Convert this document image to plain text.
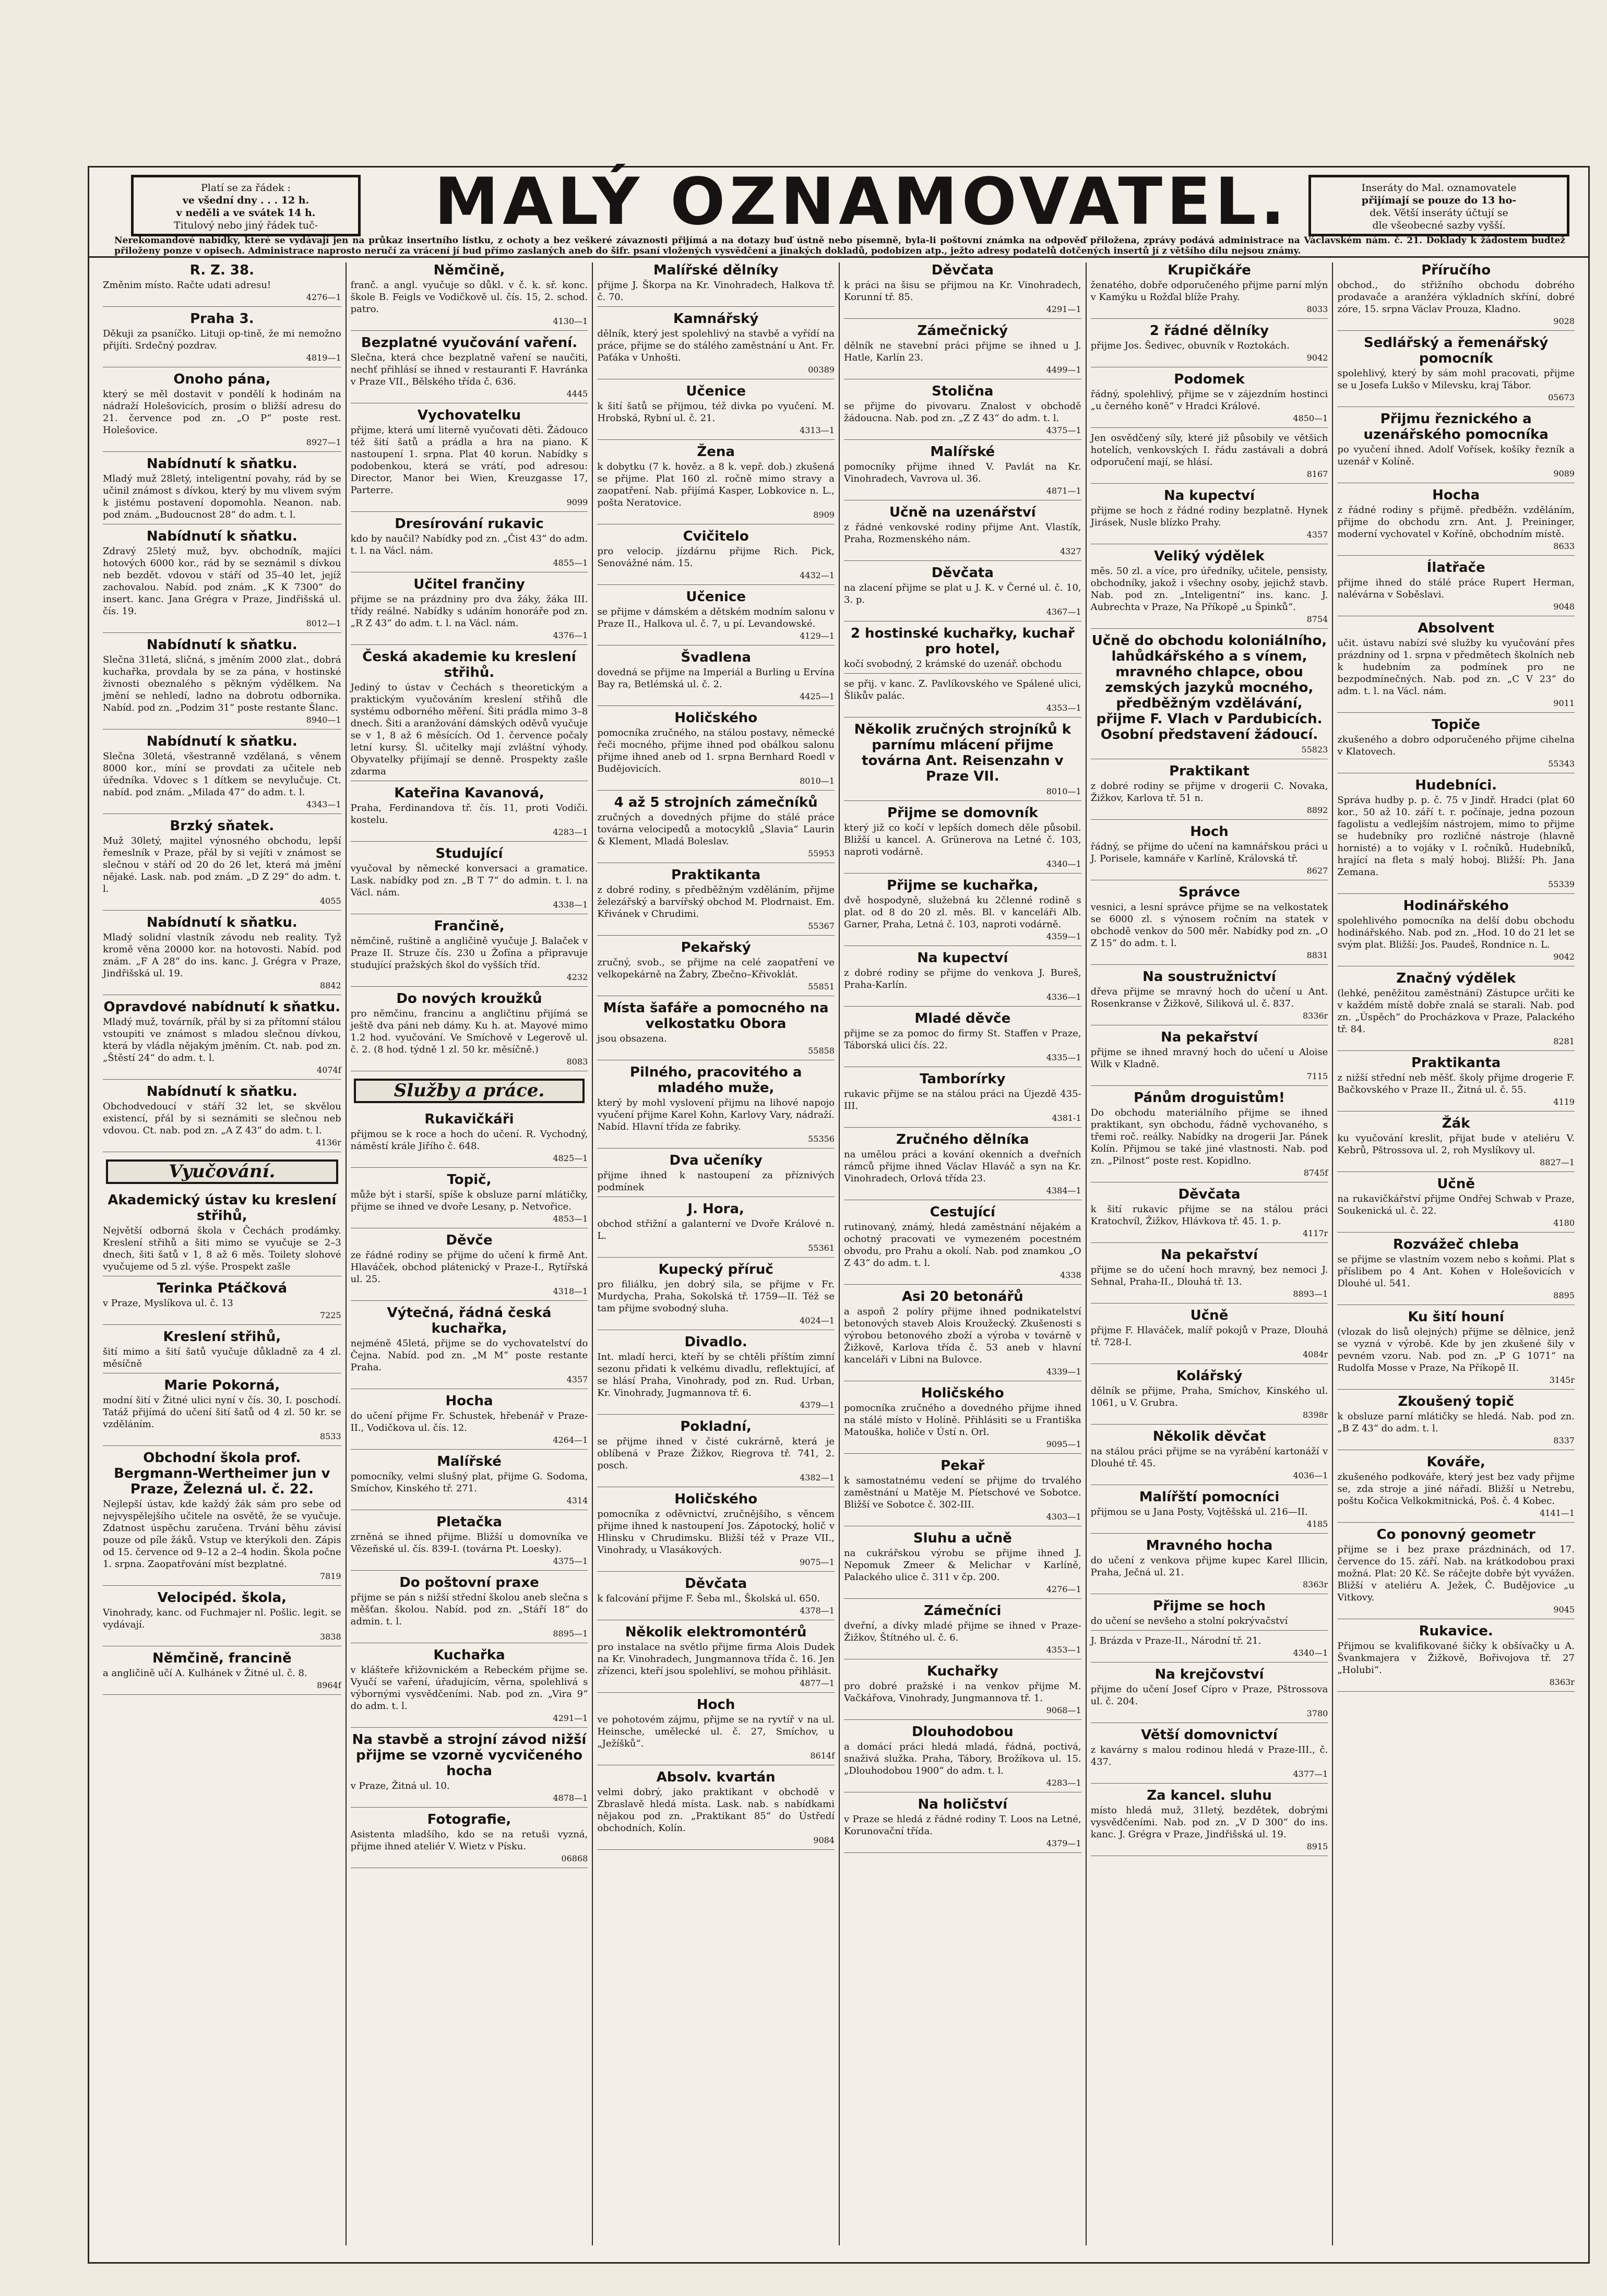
Platí se za řádek :
ve všední dny . . . 12 h.
v neděli a ve svátek 14 h.
Titulový nebo jiný řádek tuč-	MALÝ OZNAMOVATEL.	Inseráty do Mal. oznamovatele
přijímají se pouze do 13 ho-
dek. Větší inseráty účtují se
dle všeobecné sazby vyšší.
Nerekomandové nabídky, které se vydávají jen na průkaz insertního lístku, z ochoty a bez veškeré závaznosti přijímá a na dotazy buď ústně nebo písemně, byla-li poštovní známka na odpověď přiložena, zprávy podává administrace na Václavském nám. č. 21. Doklady k žádostem budtež přiloženy ponze v opisech. Administrace naprosto neručí za vrácení jí bud přímo zaslaných aneb do šifr. psaní vložených vysvědčení a jinakých dokladů, podobizen atp., ježto adresy podatelů dotčených insertů jí z většího dílu nejsou známy.
R. Z. 38.
Změnim místo. Račte udati adresu!
4276—1
Praha 3.
Děkuji za psaníčko. Lituji op‑tině, že mi nemožno přijíti. Srdečný pozdrav.
4819—1
Onoho pána,
který se měl dostavit v pondělí k hodinám na nádraží Holešovicích, prosím o bližší adresu do 21. července pod zn. „O P“ poste rest. Holešovice.
8927—1
Nabídnutí k sňatku.
Mladý muž 28letý, inteligentní povahy, rád by se učinil známost s dívkou, který by mu vlivem svým k jistému postavení dopomohla. Neanon. nab. pod znám. „Budoucnost 28“ do adm. t. l.
Nabídnutí k sňatku.
Zdravý 25letý muž, byv. obchodník, majíci hotových 6000 kor., rád by se seznámil s dívkou neb bezdět. vdovou v stáří od 35–40 let, jejíž zachovalou. Nabíd. pod znám. „K K 7300“ do insert. kanc. Jana Grégra v Praze, Jindřišská ul. čís. 19.
8012—1
Nabídnutí k sňatku.
Slečna 31letá, sličná, s jměním 2000 zlat., dobrá kuchařka, provdala by se za pána, v hostinské živnosti obeznalého s pěkným výdělkem. Na jmění se nehledí, ladno na dobrotu odbornika. Nabíd. pod zn. „Podzim 31“ poste restante Šlanc.
8940—1
Nabídnutí k sňatku.
Slečna 30letá, všestranně vzdělaná, s věnem 8000 kor., míní se provdati za učitele neb úředníka. Vdovec s 1 dítkem se nevylučuje. Ct. nabíd. pod znám. „Milada 47“ do adm. t. l.
4343—1
Brzký sňatek.
Muž 30letý, majitel výnosného obchodu, lepší řemeslník v Praze, přál by si vejíti v známost se slečnou v stáří od 20 do 26 let, která má jmění nějaké. Lask. nab. pod znám. „D Z 29“ do adm. t. l.
4055
Nabídnutí k sňatku.
Mladý solidní vlastník závodu neb reality. Tyž kromě věna 20000 kor. na hotovosti. Nabíd. pod znám. „F A 28“ do ins. kanc. J. Grégra v Praze, Jindřišská ul. 19.
8842
Opravdové nabídnutí k sňatku.
Mladý muž, továrník, přál by si za přítomní stálou vstoupiti ve známost s mladou slečnou dívkou, která by vládla nějakým jměním. Ct. nab. pod zn. „Štěstí 24“ do adm. t. l.
4074f
Nabídnutí k sňatku.
Obchodvedoucí v stáří 32 let, se skvělou existencí, přál by si seznámiti se slečnou neb vdovou. Ct. nab. pod zn. „A Z 43“ do adm. t. l.
4136r
Vyučování.
Akademický ústav ku kreslení střihů,
Největší odborná škola v Čechách prodámky. Kreslení střihů a šiti mimo se vyučuje se 2–3 dnech, šiti šatů v 1, 8 až 6 měs. Toilety slohové vyučujeme od 5 zl. výše. Prospekt zašle
Terinka Ptáčková
v Praze, Myslíkova ul. č. 13
7225
Kreslení střihů,
šití mimo a šití šatů vyučuje důkladně za 4 zl. měsíčně
Marie Pokorná,
modní šití v Žitné ulici nyní v čís. 30, I. poschodí. Tatáž přijímá do učení šití šatů od 4 zl. 50 kr. se vzděláním.
8533
Obchodní škola prof. Bergmann-Wertheimer jun v Praze, Železná ul. č. 22.
Nejlepší ústav, kde každý žák sám pro sebe od nejvyspělejšího učitele na osvětě, že se vyučuje. Zdatnost úspěchu zaručena. Trvání běhu závisí pouze od píle žáků. Vstup ve kterýkoli den. Zápis od 15. července od 9–12 a 2–4 hodin. Škola počne 1. srpna. Zaopatřování míst bezplatné.
7819
Velocipéd. škola,
Vinohrady, kanc. od Fuchmajer nl. Pošlic. legit. se vydávají.
3838
Němčině, francině
a angličině učí A. Kulhánek v Žitné ul. č. 8.
8964f
Němčině,
franč. a angl. vyučuje so důkl. v č. k. sř. konc. škole B. Feigls ve Vodičkově ul. čís. 15, 2. schod. patro.
4130—1
Bezplatné vyučování vaření.
Slečna, která chce bezplatně vaření se naučiti, nechť přihlásí se ihned v restauranti F. Havránka v Praze VII., Bělského třída č. 636.
4445
Vychovatelku
přijme, která umí literně vyučovati děti. Žádouco též šití šatů a prádla a hra na piano. K nastoupení 1. srpna. Plat 40 korun. Nabídky s podobenkou, která se vrátí, pod adresou: Director, Manor bei Wien, Kreuzgasse 17, Parterre.
9099
Dresírování rukavic
kdo by naučil? Nabídky pod zn. „Čist 43“ do adm. t. l. na Václ. nám.
4855—1
Učitel frančiny
přijme se na prázdniny pro dva žáky, žáka III. třídy reálné. Nabídky s udáním honoráře pod zn. „R Z 43“ do adm. t. l. na Václ. nám.
4376—1
Česká akademie ku kreslení střihů.
Jediný to ústav v Čechách s theoretickým a praktickým vyučováním kreslení střihů dle systému odborného měření. Šiti prádla mimo 3–8 dnech. Šiti a aranžování dámských oděvů vyučuje se v 1, 8 až 6 měsících. Od 1. července počaly letní kursy. Šl. učitelky mají zvláštní výhody. Obyvatelky přijímají se denně. Prospekty zašle zdarma
Kateřina Kavanová,
Praha, Ferdinandova tř. čís. 11, proti Vodiči. kostelu.
4283—1
Studující
vyučoval by německé konversaci a gramatice. Lask. nabídky pod zn. „B T 7“ do admin. t. l. na Václ. nám.
4338—1
Frančině,
němčině, ruštině a angličině vyučuje J. Balaček v Praze II. Struze čís. 230 u Žofína a připravuje studující pražských škol do vyšších tříd.
4232
Do nových kroužků
pro němčinu, francinu a angličtinu přijímá se ještě dva páni neb dámy. Ku h. at. Mayové mimo 1.2 hod. vyučování. Ve Smíchově v Legerově ul. č. 2. (8 hod. týdně 1 zl. 50 kr. měsíčně.)
8083
Služby a práce.
Rukavičkáři
přijmou se k roce a hoch do učení. R. Vychodný, náměstí krále Jiřího č. 648.
4825—1
Topič,
může být i starší, spíše k obsluze parní mlátičky, přijme se ihned ve dvoře Lesany, p. Netvořice.
4853—1
Děvče
ze řádné rodiny se přijme do učení k firmě Ant. Hlaváček, obchod plátenický v Praze-I., Rytířská ul. 25.
4318—1
Výtečná, řádná česká kuchařka,
nejméně 45letá, přijme se do vychovatelství do Čejna. Nabíd. pod zn. „M M“ poste restante Praha.
4357
Hocha
do učení přijme Fr. Schustek, hřebenář v Praze-II., Vodičkova ul. čís. 12.
4264—1
Malířské
pomocníky, velmi slušný plat, přijme G. Sodoma, Smíchov, Kinského tř. 271.
4314
Pletačka
zrněná se ihned přijme. Bližší u domovníka ve Vězeňské ul. čís. 839-I. (továrna Pt. Loesky).
4375—1
Do poštovní praxe
přijme se pán s nižší střední školou aneb slečna s měšťan. školou. Nabíd. pod zn. „Stáří 18“ do admin. t. l.
8895—1
Kuchařka
v klášteře křižovnickém a Rebeckém přijme se. Vyučí se vaření, úřadujícím, věrna, spolehlivá s výbornými vysvědčeními. Nab. pod zn. „Vira 9“ do adm. t. l.
4291—1
Na stavbě a strojní závod nižší přijme se vzorně vycvičeného hocha
v Praze, Žitná ul. 10.
4878—1
Fotografie,
Asistenta mladšího, kdo se na retuši vyzná, přijme ihned ateliér V. Wietz v Písku.
06868
Malířské dělníky
přijme J. Škorpa na Kr. Vinohradech, Halkova tř. č. 70.
Kamnářský
dělník, který jest spolehlivý na stavbě a vyřídí na práce, přijme se do stálého zaměstnání u Ant. Fr. Paťáka v Unhošti.
00389
Učenice
k šití šatů se přijmou, též divka po vyučení. M. Hrobská, Rybní ul. č. 21.
4313—1
Žena
k dobytku (7 k. hověz. a 8 k. vepř. dob.) zkušená se přijme. Plat 160 zl. ročně mimo stravy a zaopatření. Nab. přijímá Kasper, Lobkovice n. L., pošta Neratovice.
8909
Cvičitelo
pro velocip. jízdárnu přijme Rich. Pick, Senovážné nám. 15.
4432—1
Učenice
se přijme v dámském a dětském modním salonu v Praze II., Halkova ul. č. 7, u pí. Levandowské.
4129—1
Švadlena
dovedná se přijme na Imperiál a Burling u Ervína Bay ra, Betlémská ul. č. 2.
4425—1
Holičského
pomocníka zručného, na stálou postavy, německé řeči mocného, přijme ihned pod obálkou salonu přijme ihned aneb od 1. srpna Bernhard Roedl v Budějovicích.
8010—1
4 až 5 strojních zámečníků
zručných a dovedných přijme do stálé práce továrna velocipedů a motocyklů „Slavia“ Laurin & Klement, Mladá Boleslav.
55953
Praktikanta
z dobré rodiny, s předběžným vzděláním, přijme železářský a barvířský obchod M. Plodrnaist. Em. Křivánek v Chrudimi.
55367
Pekařský
zručný, svob., se přijme na celé zaopatření ve velkopekárně na Žabry, Zbečno–Křivoklát.
55851
Místa šafáře a pomocného na velkostatku Obora
jsou obsazena.
55858
Pilného, pracovitého a mladého muže,
který by mohl vyslovení přijmu na lihové napojo vyučení přijme Karel Kohn, Karlovy Vary, nádraží. Nabíd. Hlavní třída ze fabriky.
55356
Dva učeníky
přijme ihned k nastoupení za příznivých podmínek
J. Hora,
obchod střižní a galanterní ve Dvoře Králové n. L.
55361
Kupecký příruč
pro filiálku, jen dobrý sila, se přijme v Fr. Murdycha, Praha, Sokolská tř. 1759—II. Též se tam přijme svobodný sluha.
4024—1
Divadlo.
Int. mladí herci, kteří by se chtěli příštím zimní sezonu přidati k velkému divadlu, reflektující, ať se hlásí Praha, Vinohrady, pod zn. Rud. Urban, Kr. Vinohrady, Jugmannova tř. 6.
4379—1
Pokladní,
se přijme ihned v čisté cukrárně, která je oblíbená v Praze Žižkov, Riegrova tř. 741, 2. posch.
4382—1
Holičského
pomocníka z oděvnictví, zručnějšího, s věncem přijme ihned k nastoupení Jos. Zápotocký, holič v Hlinsku v Chrudimsku. Bližší též v Praze VII., Vinohrady, u Vlasákových.
9075—1
Děvčata
k falcování přijme F. Šeba ml., Školská ul. 650.
4378—1
Několik elektromontérů
pro instalace na světlo přijme firma Alois Dudek na Kr. Vinohradech, Jungmannova třída č. 16. Jen zřízenci, kteří jsou spolehliví, se mohou přihlásit.
4877—1
Hoch
ve pohotovém zájmu, přijme se na ryvtíř v na ul. Heinsche, umělecké ul. č. 27, Smíchov, u „Ježíšků“.
8614f
Absolv. kvartán
velmi dobrý, jako praktikant v obchodě v Zbraslavě hledá místa. Lask. nab. s nabídkami nějakou pod zn. „Praktikant 85“ do Ústředí obchodních, Kolín.
9084
Děvčata
k práci na šisu se přijmou na Kr. Vinohradech, Korunní tř. 85.
4291—1
Zámečnický
dělník ne stavební práci přijme se ihned u J. Hatle, Karlín 23.
4499—1
Stolična
se přijme do pivovaru. Znalost v obchodě žádoucna. Nab. pod zn. „Z Z 43“ do adm. t. l.
4375—1
Malířské
pomocníky přijme ihned V. Pavlát na Kr. Vinohradech, Vavrova ul. 36.
4871—1
Učně na uzenářství
z řádné venkovské rodiny přijme Ant. Vlastík, Praha, Rozmenského nám.
4327
Děvčata
na zlacení přijme se plat u J. K. v Černé ul. č. 10, 3. p.
4367—1
2 hostinské kuchařky, kuchař pro hotel,
kočí svobodný, 2 krámské do uzenář. obchodu
se přij. v kanc. Z. Pavlíkovského ve Spálené ulici, Šlikův palác.
4353—1
Několik zručných strojníků k parnímu mlácení přijme továrna Ant. Reisenzahn v Praze VII.
8010—1
Přijme se domovník
který již co kočí v lepších domech děle působil. Bližší u kancel. A. Grünerova na Letné č. 103, naproti vodárně.
4340—1
Přijme se kuchařka,
dvě hospodyně, služebná ku 2členné rodině s plat. od 8 do 20 zl. měs. Bl. v kanceláři Alb. Garner, Praha, Letná č. 103, naproti vodárně.
4359—1
Na kupectví
z dobré rodiny se přijme do venkova J. Bureš, Praha-Karlín.
4336—1
Mladé děvče
přijme se za pomoc do firmy St. Staffen v Praze, Táborská ulici čís. 22.
4335—1
Tamborírky
rukavic přijme se na stálou práci na Újezdě 435-III.
4381-1
Zručného dělníka
na umělou práci a kování okenních a dveřních rámců přijme ihned Václav Hlaváč a syn na Kr. Vinohradech, Orlová třída 23.
4384—1
Cestující
rutinovaný, známý, hledá zaměstnání nějakém a ochotný pracovati ve vymezeném pocestném obvodu, pro Prahu a okolí. Nab. pod znamkou „O Z 43“ do adm. t. l.
4338
Asi 20 betonářů
a aspoň 2 políry přijme ihned podnikatelství betonových staveb Alois Kroužecký. Zkušenosti s výrobou betonového zboží a výroba v továrně v Žižkově, Karlova třída č. 53 aneb v hlavní kanceláři v Libni na Bulovce.
4339—1
Holičského
pomocníka zručného a dovedného přijme ihned na stálé místo v Holíně. Přihlásiti se u Františka Matouška, holiče v Ústí n. Orl.
9095—1
Pekař
k samostatnému vedení se přijme do trvalého zaměstnání u Matěje M. Píetschové ve Sobotce. Bližší ve Sobotce č. 302-III.
4303—1
Sluhu a učně
na cukrářskou výrobu se přijme ihned J. Nepomuk Zmeer & Melichar v Karlíně, Palackého ulice č. 311 v čp. 200.
4276—1
Zámečníci
dveřní, a dívky mladé přijme se ihned v Praze-Žižkov, Štítného ul. č. 6.
4353—1
Kuchařky
pro dobré pražské i na venkov přijme M. Vačkářova, Vinohrady, Jungmannova tř. 1.
9068—1
Dlouhodobou
a domácí práci hledá mladá, řádná, poctivá, snaživá služka. Praha, Tábory, Brožíkova ul. 15. „Dlouhodobou 1900“ do adm. t. l.
4283—1
Na holičství
v Praze se hledá z řádné rodiny T. Loos na Letné, Korunovační třída.
4379—1
Krupičkáře
ženatého, dobře odporučeného přijme parní mlýn v Kamýku u Rožďal blíže Prahy.
8033
2 řádné dělníky
přijme Jos. Šedivec, obuvník v Roztokách.
9042
Podomek
řádný, spolehlivý, přijme se v zájezdním hostinci „u černého koně“ v Hradci Králové.
4850—1
Jen osvědčený síly, které již působily ve většich hotelích, venkovských I. řádu zastávali a dobrá odporučení mají, se hlásí.
8167
Na kupectví
přijme se hoch z řádné rodiny bezplatně. Hynek Jirásek, Nusle blízko Prahy.
4357
Veliký výdělek
měs. 50 zl. a více, pro úředníky, učitele, pensisty, obchodníky, jakož i všechny osoby, jejichž stavb. Nab. pod zn. „Inteligentní“ ins. kanc. J. Aubrechta v Praze, Na Příkopě „u Špinků“.
8754
Učně do obchodu koloniálního, lahůdkářského a s vínem, mravného chlapce, obou zemských jazyků mocného, předběžným vzdělávání, přijme F. Vlach v Pardubicích. Osobní představení žádoucí.
55823
Praktikant
z dobré rodiny se přijme v drogerii C. Novaka, Žižkov, Karlova tř. 51 n.
8892
Hoch
řádný, se přijme do učení na kamnářskou práci u J. Porisele, kamnáře v Karlíně, Královská tř.
8627
Správce
vesnici, a lesní správce přijme se na velkostatek se 6000 zl. s výnosem ročním na statek v obchodě venkov do 500 měr. Nabídky pod zn. „O Z 15“ do adm. t. l.
8831
Na soustružnictví
dřeva přijme se mravný hoch do učení u Ant. Rosenkranse v Žižkově, Siliková ul. č. 837.
8336r
Na pekařství
přijme se ihned mravný hoch do učení u Aloise Wilk v Kladně.
7115
Pánům droguistům!
Do obchodu materiálního přijme se ihned praktikant, syn obchodu, řádně vychovaného, s třemi roč. reálky. Nabídky na drogerii Jar. Pánek Kolín. Přijmou se také jiné vlastnosti. Nab. pod zn. „Pilnost“ poste rest. Kopidlno.
8745f
Děvčata
k šití rukavic přijme se na stálou práci Kratochvíl, Žižkov, Hlávkova tř. 45. 1. p.
4117r
Na pekařství
přijme se do učení hoch mravný, bez nemoci J. Sehnal, Praha-II., Dlouhá tř. 13.
8893—1
Učně
přijme F. Hlaváček, malíř pokojů v Praze, Dlouhá tř. 728-I.
4084r
Kolářský
dělník se přijme, Praha, Smíchov, Kinského ul. 1061, u V. Grubra.
8398r
Několik děvčat
na stálou práci přijme se na vyrábění kartonáží v Dlouhé tř. 45.
4036—1
Malířští pomocníci
přijmou se u Jana Posty, Vojtěšská ul. 216—II.
4185
Mravného hocha
do učení z venkova přijme kupec Karel Illicin, Praha, Ječná ul. 21.
8363r
Přijme se hoch
do učení se nevšeho a stolní pokrývačství
J. Brázda v Praze-II., Národní tř. 21.
4340—1
Na krejčovství
přijme do učení Josef Cípro v Praze, Pštrossova ul. č. 204.
3780
Větší domovnictví
z kavárny s malou rodinou hledá v Praze-III., č. 437.
4377—1
Za kancel. sluhu
místo hledá muž, 31letý, bezdětek, dobrými vysvědčeními. Nab. pod zn. „V D 300“ do ins. kanc. J. Grégra v Praze, Jindřišská ul. 19.
8915
Příručího
obchod., do střižního obchodu dobrého prodavače a aranžéra výkladních skříní, dobré zóre, 15. srpna Václav Prouza, Kladno.
9028
Sedlářský a řemenářský pomocník
spolehlivý, který by sám mohl pracovati, přijme se u Josefa Lukšo v Milevsku, kraj Tábor.
05673
Přijmu řeznického a uzenářského pomocníka
po vyučení ihned. Adolf Vořísek, košíky řezník a uzenář v Kolíně.
9089
Hocha
z řádné rodiny s přijmě. předběžn. vzděláním, přijme do obchodu zrn. Ant. J. Preininger, moderní vychovatel v Koříně, obchodním místě.
8633
Ílatřače
přijme ihned do stálé práce Rupert Herman, nalévárna v Soběslavi.
9048
Absolvent
učit. ústavu nabízí své služby ku vyučování přes prázdniny od 1. srpna v předmětech školních neb k hudebním za podmínek pro ne bezpodmínečných. Nab. pod zn. „C V 23“ do adm. t. l. na Václ. nám.
9011
Topiče
zkušeného a dobro odporučeného přijme cihelna v Klatovech.
55343
Hudebníci.
Správa hudby p. p. č. 75 v Jindř. Hradci (plat 60 kor., 50 až 10. září t. r. počínaje, jedna pozoun fagolistu a vedlejším nástrojem, mimo to přijme se hudebníky pro rozličné nástroje (hlavně hornisté) a to vojáky v I. ročníků. Hudebníků, hrající na fleta s malý hoboj. Bližší: Ph. Jana Zemana.
55339
Hodinářského
spolehlivého pomocníka na delší dobu obchodu hodinářského. Nab. pod zn. „Hod. 10 do 21 let se svým plat. Bližší: Jos. Paudeš, Rondnice n. L.
9042
Značný výdělek
(lehké, peněžitou zaměstnání) Zástupce určiti ke v každém místě dobře znalá se starali. Nab. pod zn. „Úspěch“ do Procházkova v Praze, Palackého tř. 84.
8281
Praktikanta
z nižší střední neb měšť. školy přijme drogerie F. Bačkovského v Praze II., Žitná ul. č. 55.
4119
Žák
ku vyučování kreslit, přijat bude v ateliéru V. Kebrů, Pštrossova ul. 2, roh Myslíkovy ul.
8827—1
Učně
na rukavičkářství přijme Ondřej Schwab v Praze, Soukenická ul. č. 22.
4180
Rozvážeč chleba
se přijme se vlastním vozem nebo s koňmi. Plat s příslibem po 4 Ant. Kohen v Holešovicích v Dlouhé ul. 541.
8895
Ku šití houní
(vlozak do lisů olejných) přijme se dělnice, jenž se vyzná v výrobě. Kde by jen zkušené šily v pevném vzoru. Nab. pod zn. „P G 1071“ na Rudolfa Mosse v Praze, Na Příkopě II.
3145r
Zkoušený topič
k obsluze parní mlátičky se hledá. Nab. pod zn. „B Z 43“ do adm. t. l.
8337
Kováře,
zkušeného podkováře, který jest bez vady přijme se, zda stroje a jiné nářadí. Bližší u Netrebu, poštu Kočica Velkokmitnická, Poš. č. 4 Kobec.
4141—1
Co ponovný geometr
přijme se i bez praxe prázdninách, od 17. července do 15. září. Nab. na krátkodobou praxi možná. Plat: 20 Kč. Se ráčejte dobře být vyvážen. Bližší v ateliéru A. Ježek, Č. Budějovice „u Vitkovy.
9045
Rukavice.
Přijmou se kvalifikované šičky k obšívačky u A. Švankmajera v Žižkově, Bořivojova tř. 27 „Holubi“.
8363r
